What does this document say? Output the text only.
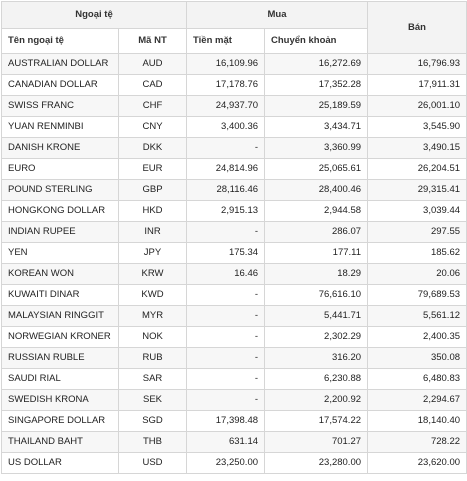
Ngoại tệ		Mua		Bán
Tên ngoại tệ	Mã NT	Tiền mặt	Chuyển khoản	
AUSTRALIAN DOLLAR	AUD	16,109.96	16,272.69	16,796.93
CANADIAN DOLLAR	CAD	17,178.76	17,352.28	17,911.31
SWISS FRANC	CHF	24,937.70	25,189.59	26,001.10
YUAN RENMINBI	CNY	3,400.36	3,434.71	3,545.90
DANISH KRONE	DKK	-	3,360.99	3,490.15
EURO	EUR	24,814.96	25,065.61	26,204.51
POUND STERLING	GBP	28,116.46	28,400.46	29,315.41
HONGKONG DOLLAR	HKD	2,915.13	2,944.58	3,039.44
INDIAN RUPEE	INR	-	286.07	297.55
YEN	JPY	175.34	177.11	185.62
KOREAN WON	KRW	16.46	18.29	20.06
KUWAITI DINAR	KWD	-	76,616.10	79,689.53
MALAYSIAN RINGGIT	MYR	-	5,441.71	5,561.12
NORWEGIAN KRONER	NOK	-	2,302.29	2,400.35
RUSSIAN RUBLE	RUB	-	316.20	350.08
SAUDI RIAL	SAR	-	6,230.88	6,480.83
SWEDISH KRONA	SEK	-	2,200.92	2,294.67
SINGAPORE DOLLAR	SGD	17,398.48	17,574.22	18,140.40
THAILAND BAHT	THB	631.14	701.27	728.22
US DOLLAR	USD	23,250.00	23,280.00	23,620.00
